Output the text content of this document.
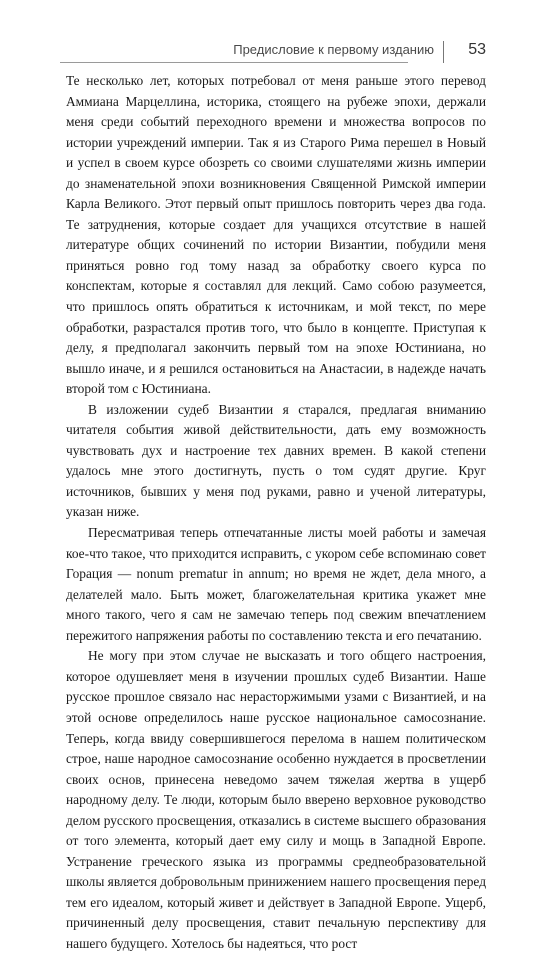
Предисловие к первому изданию 53

Те несколько лет, которых потребовал от меня раньше этого перевод Аммиана Марцеллина, историка, стоящего на рубеже эпохи, держали меня среди событий переходного времени и множества вопросов по истории учреждений империи. Так я из Старого Рима перешел в Новый и успел в своем курсе обозреть со своими слушателями жизнь империи до знаменательной эпохи возникновения Священной Римской империи Карла Великого. Этот первый опыт пришлось повторить через два года. Те затруднения, которые создает для учащихся отсутствие в нашей литературе общих сочинений по истории Византии, побудили меня приняться ровно год тому назад за обработку своего курса по конспектам, которые я составлял для лекций. Само собою разумеется, что пришлось опять обратиться к источникам, и мой текст, по мере обработки, разрастался против того, что было в концепте. Приступая к делу, я предполагал закончить первый том на эпохе Юстиниана, но вышло иначе, и я решился остановиться на Анастасии, в надежде начать второй том с Юстиниана.

В изложении судеб Византии я старался, предлагая вниманию читателя события живой действительности, дать ему возможность чувствовать дух и настроение тех давних времен. В какой степени удалось мне этого достигнуть, пусть о том судят другие. Круг источников, бывших у меня под руками, равно и ученой литературы, указан ниже.

Пересматривая теперь отпечатанные листы моей работы и замечая кое-что такое, что приходится исправить, с укором себе вспоминаю совет Горация — nonum prematur in annum; но время не ждет, дела много, а делателей мало. Быть может, благожелательная критика укажет мне много такого, чего я сам не замечаю теперь под свежим впечатлением пережитого напряжения работы по составлению текста и его печатанию.

Не могу при этом случае не высказать и того общего настроения, которое одушевляет меня в изучении прошлых судеб Византии. Наше русское прошлое связало нас нерасторжимыми узами с Византией, и на этой основе определилось наше русское национальное самосознание. Теперь, когда ввиду совершившегося перелома в нашем политическом строе, наше народное самосознание особенно нуждается в просветлении своих основ, принесена неведомо зачем тяжелая жертва в ущерб народному делу. Те люди, которым было вверено верховное руководство делом русского просвещения, отказались в системе высшего образования от того элемента, который дает ему силу и мощь в Западной Европе. Устранение греческого языка из программы средneобразовательной школы является добровольным принижением нашего просвещения перед тем его идеалом, который живет и действует в Западной Европе. Ущерб, причиненный делу просвещения, ставит печальную перспективу для нашего будущего. Хотелось бы надеяться, что рост
